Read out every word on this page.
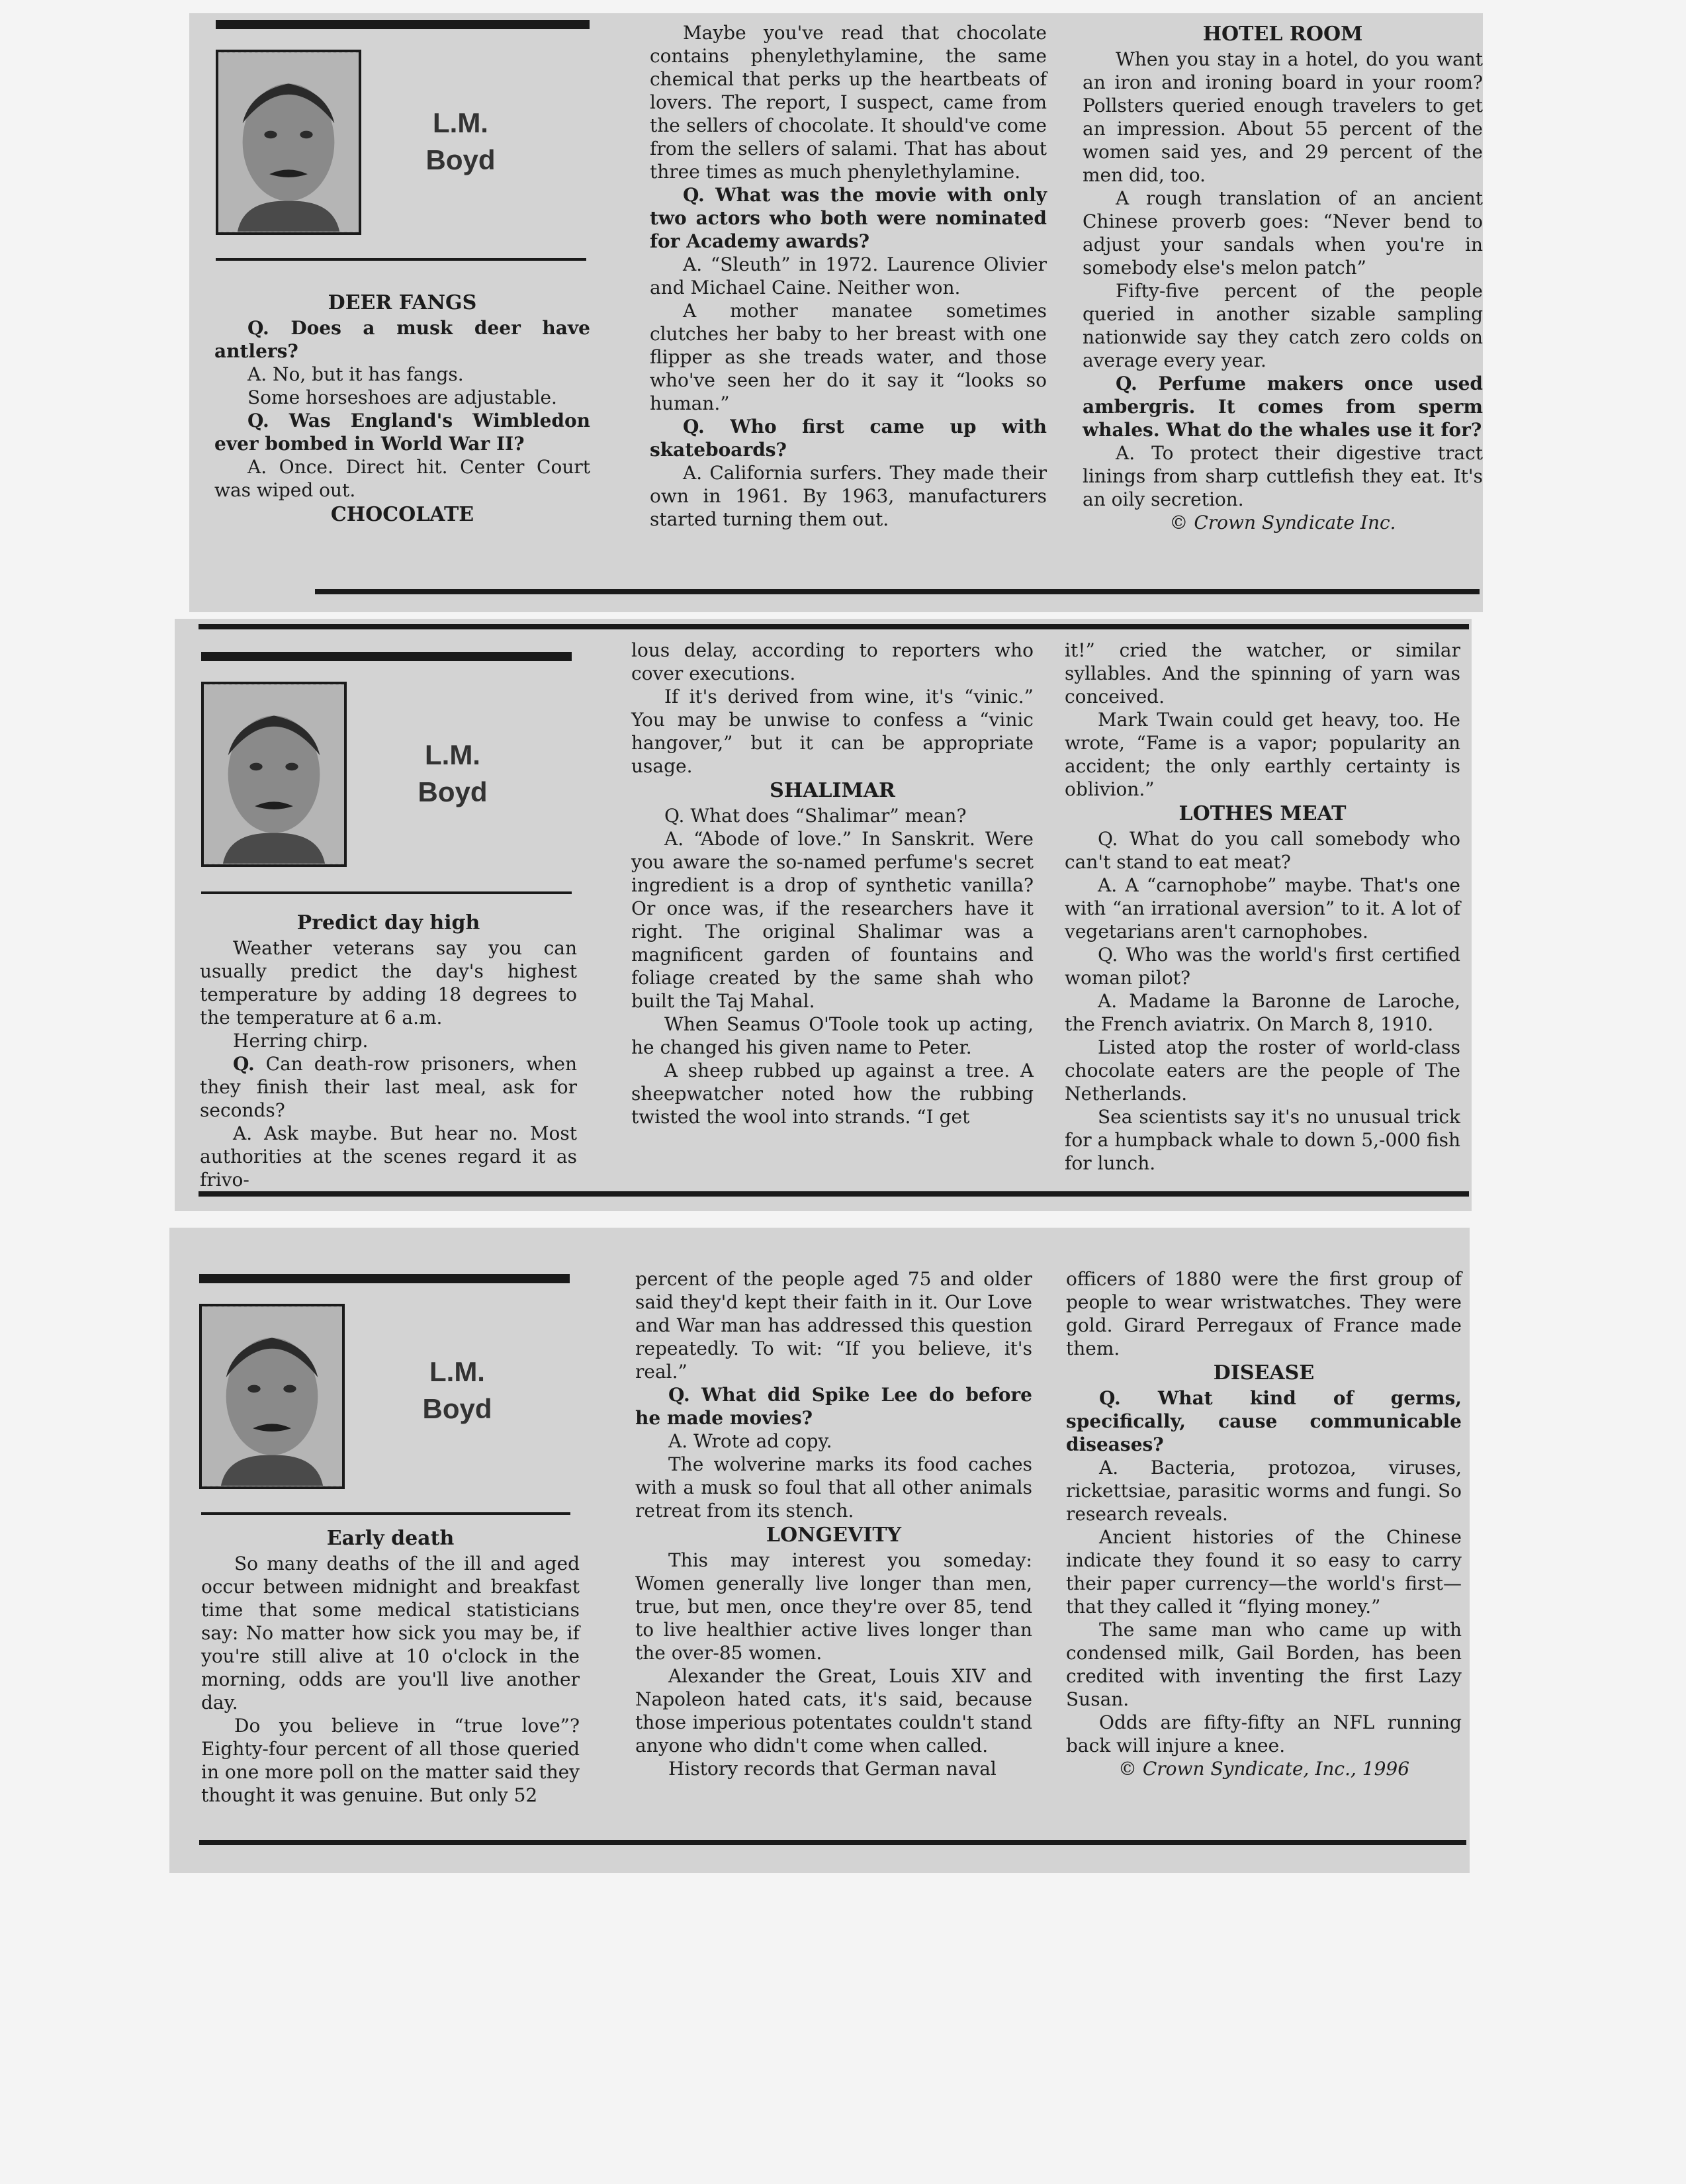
L.M.
Boyd
DEER FANGS

Q. Does a musk deer have antlers?

A. No, but it has fangs.

Some horseshoes are adjustable.

Q. Was England's Wimbledon ever bombed in World War II?

A. Once. Direct hit. Center Court was wiped out.

CHOCOLATE

Maybe you've read that chocolate contains phenylethylamine, the same chemical that perks up the heartbeats of lovers. The report, I suspect, came from the sellers of chocolate. It should've come from the sellers of salami. That has about three times as much phenylethylamine.

Q. What was the movie with only two actors who both were nominated for Academy awards?

A. “Sleuth” in 1972. Laurence Olivier and Michael Caine. Neither won.

A mother manatee sometimes clutches her baby to her breast with one flipper as she treads water, and those who've seen her do it say it “looks so human.”

Q. Who first came up with skateboards?

A. California surfers. They made their own in 1961. By 1963, manufacturers started turning them out.

HOTEL ROOM

When you stay in a hotel, do you want an iron and ironing board in your room? Pollsters queried enough travelers to get an impression. About 55 percent of the women said yes, and 29 percent of the men did, too.

A rough translation of an ancient Chinese proverb goes: “Never bend to adjust your sandals when you're in somebody else's melon patch”

Fifty-five percent of the people queried in another sizable sampling nationwide say they catch zero colds on average every year.

Q. Perfume makers once used ambergris. It comes from sperm whales. What do the whales use it for?

A. To protect their digestive tract linings from sharp cuttlefish they eat. It's an oily secretion.

© Crown Syndicate Inc.

L.M.
Boyd
Predict day high

Weather veterans say you can usually predict the day's highest temperature by adding 18 degrees to the temperature at 6 a.m.

Herring chirp.

Q. Can death-row prisoners, when they finish their last meal, ask for seconds?

A. Ask maybe. But hear no. Most authorities at the scenes regard it as frivo-

lous delay, according to reporters who cover executions.

If it's derived from wine, it's “vinic.” You may be unwise to confess a “vinic hangover,” but it can be appropriate usage.

SHALIMAR

Q. What does “Shalimar” mean?

A. “Abode of love.” In Sanskrit. Were you aware the so-named perfume's secret ingredient is a drop of synthetic vanilla? Or once was, if the researchers have it right. The original Shalimar was a magnificent garden of fountains and foliage created by the same shah who built the Taj Mahal.

When Seamus O'Toole took up acting, he changed his given name to Peter.

A sheep rubbed up against a tree. A sheepwatcher noted how the rubbing twisted the wool into strands. “I get

it!” cried the watcher, or similar syllables. And the spinning of yarn was conceived.

Mark Twain could get heavy, too. He wrote, “Fame is a vapor; popularity an accident; the only earthly certainty is oblivion.”

LOTHES MEAT

Q. What do you call somebody who can't stand to eat meat?

A. A “carnophobe” maybe. That's one with “an irrational aversion” to it. A lot of vegetarians aren't carnophobes.

Q. Who was the world's first certified woman pilot?

A. Madame la Baronne de Laroche, the French aviatrix. On March 8, 1910.

Listed atop the roster of world-class chocolate eaters are the people of The Netherlands.

Sea scientists say it's no unusual trick for a humpback whale to down 5,-000 fish for lunch.

L.M.
Boyd
Early death

So many deaths of the ill and aged occur between midnight and breakfast time that some medical statisticians say: No matter how sick you may be, if you're still alive at 10 o'clock in the morning, odds are you'll live another day.

Do you believe in “true love”? Eighty-four percent of all those queried in one more poll on the matter said they thought it was genuine. But only 52

percent of the people aged 75 and older said they'd kept their faith in it. Our Love and War man has addressed this question repeatedly. To wit: “If you believe, it's real.”

Q. What did Spike Lee do before he made movies?

A. Wrote ad copy.

The wolverine marks its food caches with a musk so foul that all other animals retreat from its stench.

LONGEVITY

This may interest you someday: Women generally live longer than men, true, but men, once they're over 85, tend to live healthier active lives longer than the over-85 women.

Alexander the Great, Louis XIV and Napoleon hated cats, it's said, because those imperious potentates couldn't stand anyone who didn't come when called.

History records that German naval

officers of 1880 were the first group of people to wear wristwatches. They were gold. Girard Perregaux of France made them.

DISEASE

Q. What kind of germs, specifically, cause communicable diseases?

A. Bacteria, protozoa, viruses, rickettsiae, parasitic worms and fungi. So research reveals.

Ancient histories of the Chinese indicate they found it so easy to carry their paper currency—the world's first—that they called it “flying money.”

The same man who came up with condensed milk, Gail Borden, has been credited with inventing the first Lazy Susan.

Odds are fifty-fifty an NFL running back will injure a knee.

© Crown Syndicate, Inc., 1996
